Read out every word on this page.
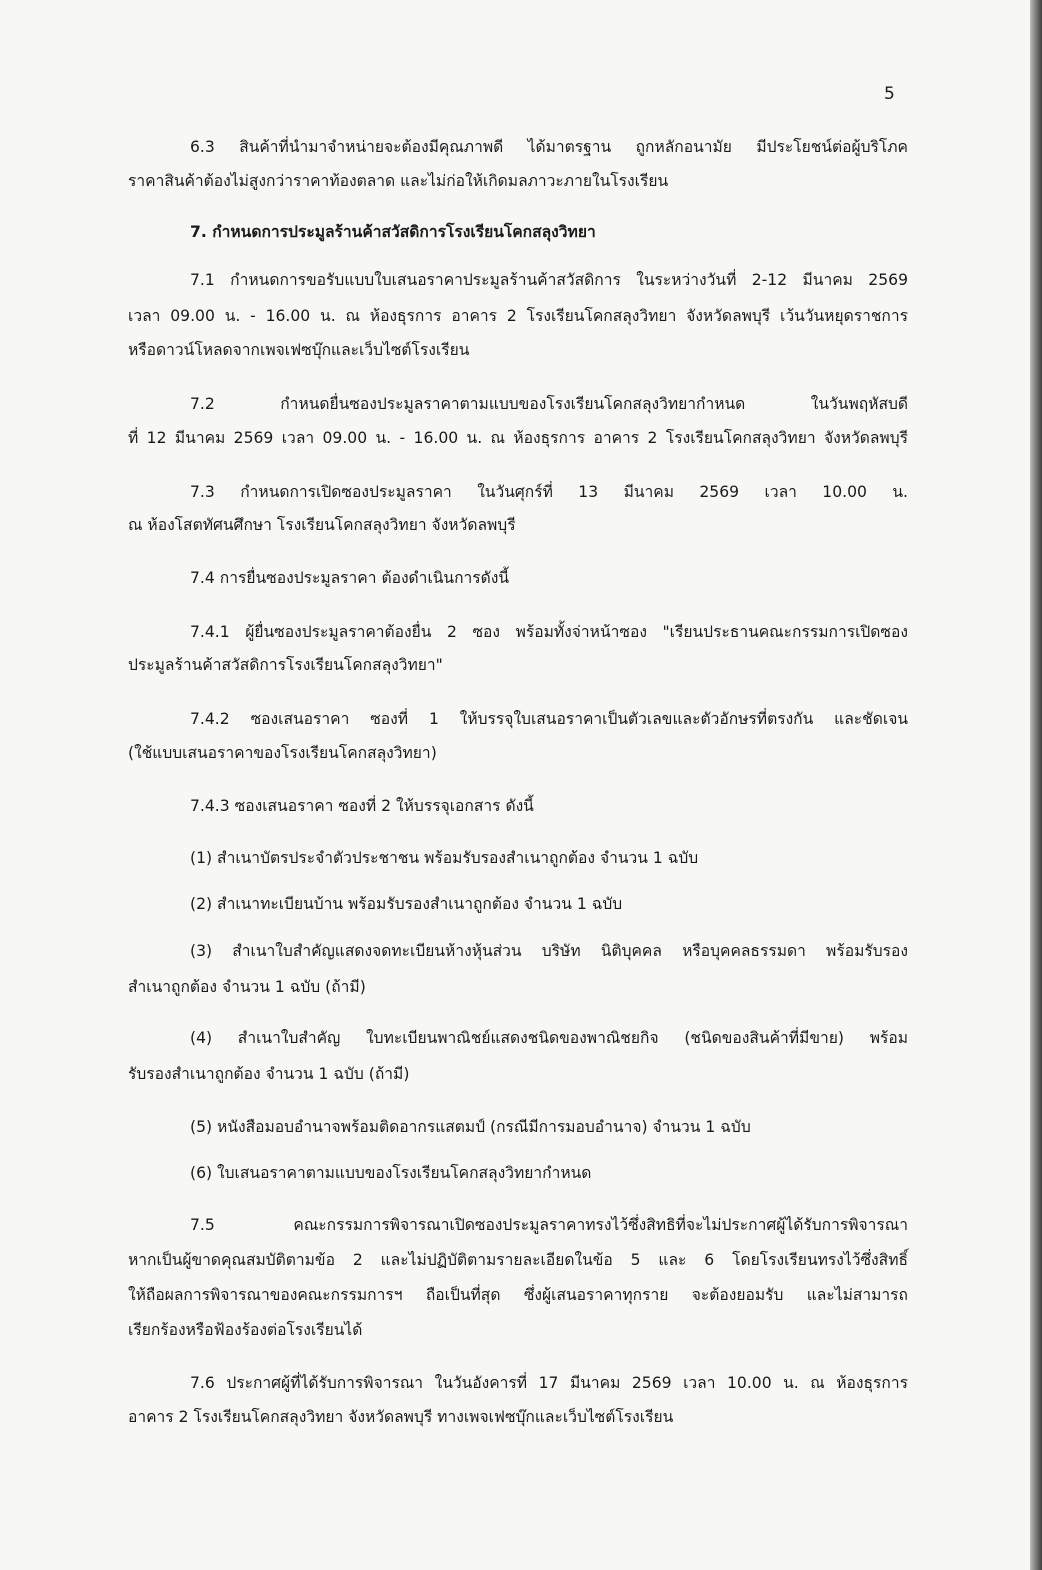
5
6.3 สินค้าที่นำมาจำหน่ายจะต้องมีคุณภาพดี ได้มาตรฐาน ถูกหลักอนามัย มีประโยชน์ต่อผู้บริโภค
ราคาสินค้าต้องไม่สูงกว่าราคาท้องตลาด และไม่ก่อให้เกิดมลภาวะภายในโรงเรียน
7. กำหนดการประมูลร้านค้าสวัสดิการโรงเรียนโคกสลุงวิทยา
7.1 กำหนดการขอรับแบบใบเสนอราคาประมูลร้านค้าสวัสดิการ ในระหว่างวันที่ 2-12 มีนาคม 2569
เวลา 09.00 น. - 16.00 น. ณ ห้องธุรการ อาคาร 2 โรงเรียนโคกสลุงวิทยา จังหวัดลพบุรี เว้นวันหยุดราชการ
หรือดาวน์โหลดจากเพจเฟซบุ๊กและเว็บไซต์โรงเรียน
7.2 กำหนดยื่นซองประมูลราคาตามแบบของโรงเรียนโคกสลุงวิทยากำหนด ในวันพฤหัสบดี
ที่ 12 มีนาคม 2569 เวลา 09.00 น. - 16.00 น. ณ ห้องธุรการ อาคาร 2 โรงเรียนโคกสลุงวิทยา จังหวัดลพบุรี
7.3 กำหนดการเปิดซองประมูลราคา ในวันศุกร์ที่ 13 มีนาคม 2569 เวลา 10.00 น.
ณ ห้องโสตทัศนศึกษา โรงเรียนโคกสลุงวิทยา จังหวัดลพบุรี
7.4 การยื่นซองประมูลราคา ต้องดำเนินการดังนี้
7.4.1 ผู้ยื่นซองประมูลราคาต้องยื่น 2 ซอง พร้อมทั้งจ่าหน้าซอง "เรียนประธานคณะกรรมการเปิดซอง
ประมูลร้านค้าสวัสดิการโรงเรียนโคกสลุงวิทยา"
7.4.2 ซองเสนอราคา ซองที่ 1 ให้บรรจุใบเสนอราคาเป็นตัวเลขและตัวอักษรที่ตรงกัน และชัดเจน
(ใช้แบบเสนอราคาของโรงเรียนโคกสลุงวิทยา)
7.4.3 ซองเสนอราคา ซองที่ 2 ให้บรรจุเอกสาร ดังนี้
(1) สำเนาบัตรประจำตัวประชาชน พร้อมรับรองสำเนาถูกต้อง จำนวน 1 ฉบับ
(2) สำเนาทะเบียนบ้าน พร้อมรับรองสำเนาถูกต้อง จำนวน 1 ฉบับ
(3) สำเนาใบสำคัญแสดงจดทะเบียนห้างหุ้นส่วน บริษัท นิติบุคคล หรือบุคคลธรรมดา พร้อมรับรอง
สำเนาถูกต้อง จำนวน 1 ฉบับ (ถ้ามี)
(4) สำเนาใบสำคัญ ใบทะเบียนพาณิชย์แสดงชนิดของพาณิชยกิจ (ชนิดของสินค้าที่มีขาย) พร้อม
รับรองสำเนาถูกต้อง จำนวน 1 ฉบับ (ถ้ามี)
(5) หนังสือมอบอำนาจพร้อมติดอากรแสตมป์ (กรณีมีการมอบอำนาจ) จำนวน 1 ฉบับ
(6) ใบเสนอราคาตามแบบของโรงเรียนโคกสลุงวิทยากำหนด
7.5 คณะกรรมการพิจารณาเปิดซองประมูลราคาทรงไว้ซึ่งสิทธิที่จะไม่ประกาศผู้ได้รับการพิจารณา
หากเป็นผู้ขาดคุณสมบัติตามข้อ 2 และไม่ปฏิบัติตามรายละเอียดในข้อ 5 และ 6 โดยโรงเรียนทรงไว้ซึ่งสิทธิ์
ให้ถือผลการพิจารณาของคณะกรรมการฯ ถือเป็นที่สุด ซึ่งผู้เสนอราคาทุกราย จะต้องยอมรับ และไม่สามารถ
เรียกร้องหรือฟ้องร้องต่อโรงเรียนได้
7.6 ประกาศผู้ที่ได้รับการพิจารณา ในวันอังคารที่ 17 มีนาคม 2569 เวลา 10.00 น. ณ ห้องธุรการ
อาคาร 2 โรงเรียนโคกสลุงวิทยา จังหวัดลพบุรี ทางเพจเฟซบุ๊กและเว็บไซต์โรงเรียน
